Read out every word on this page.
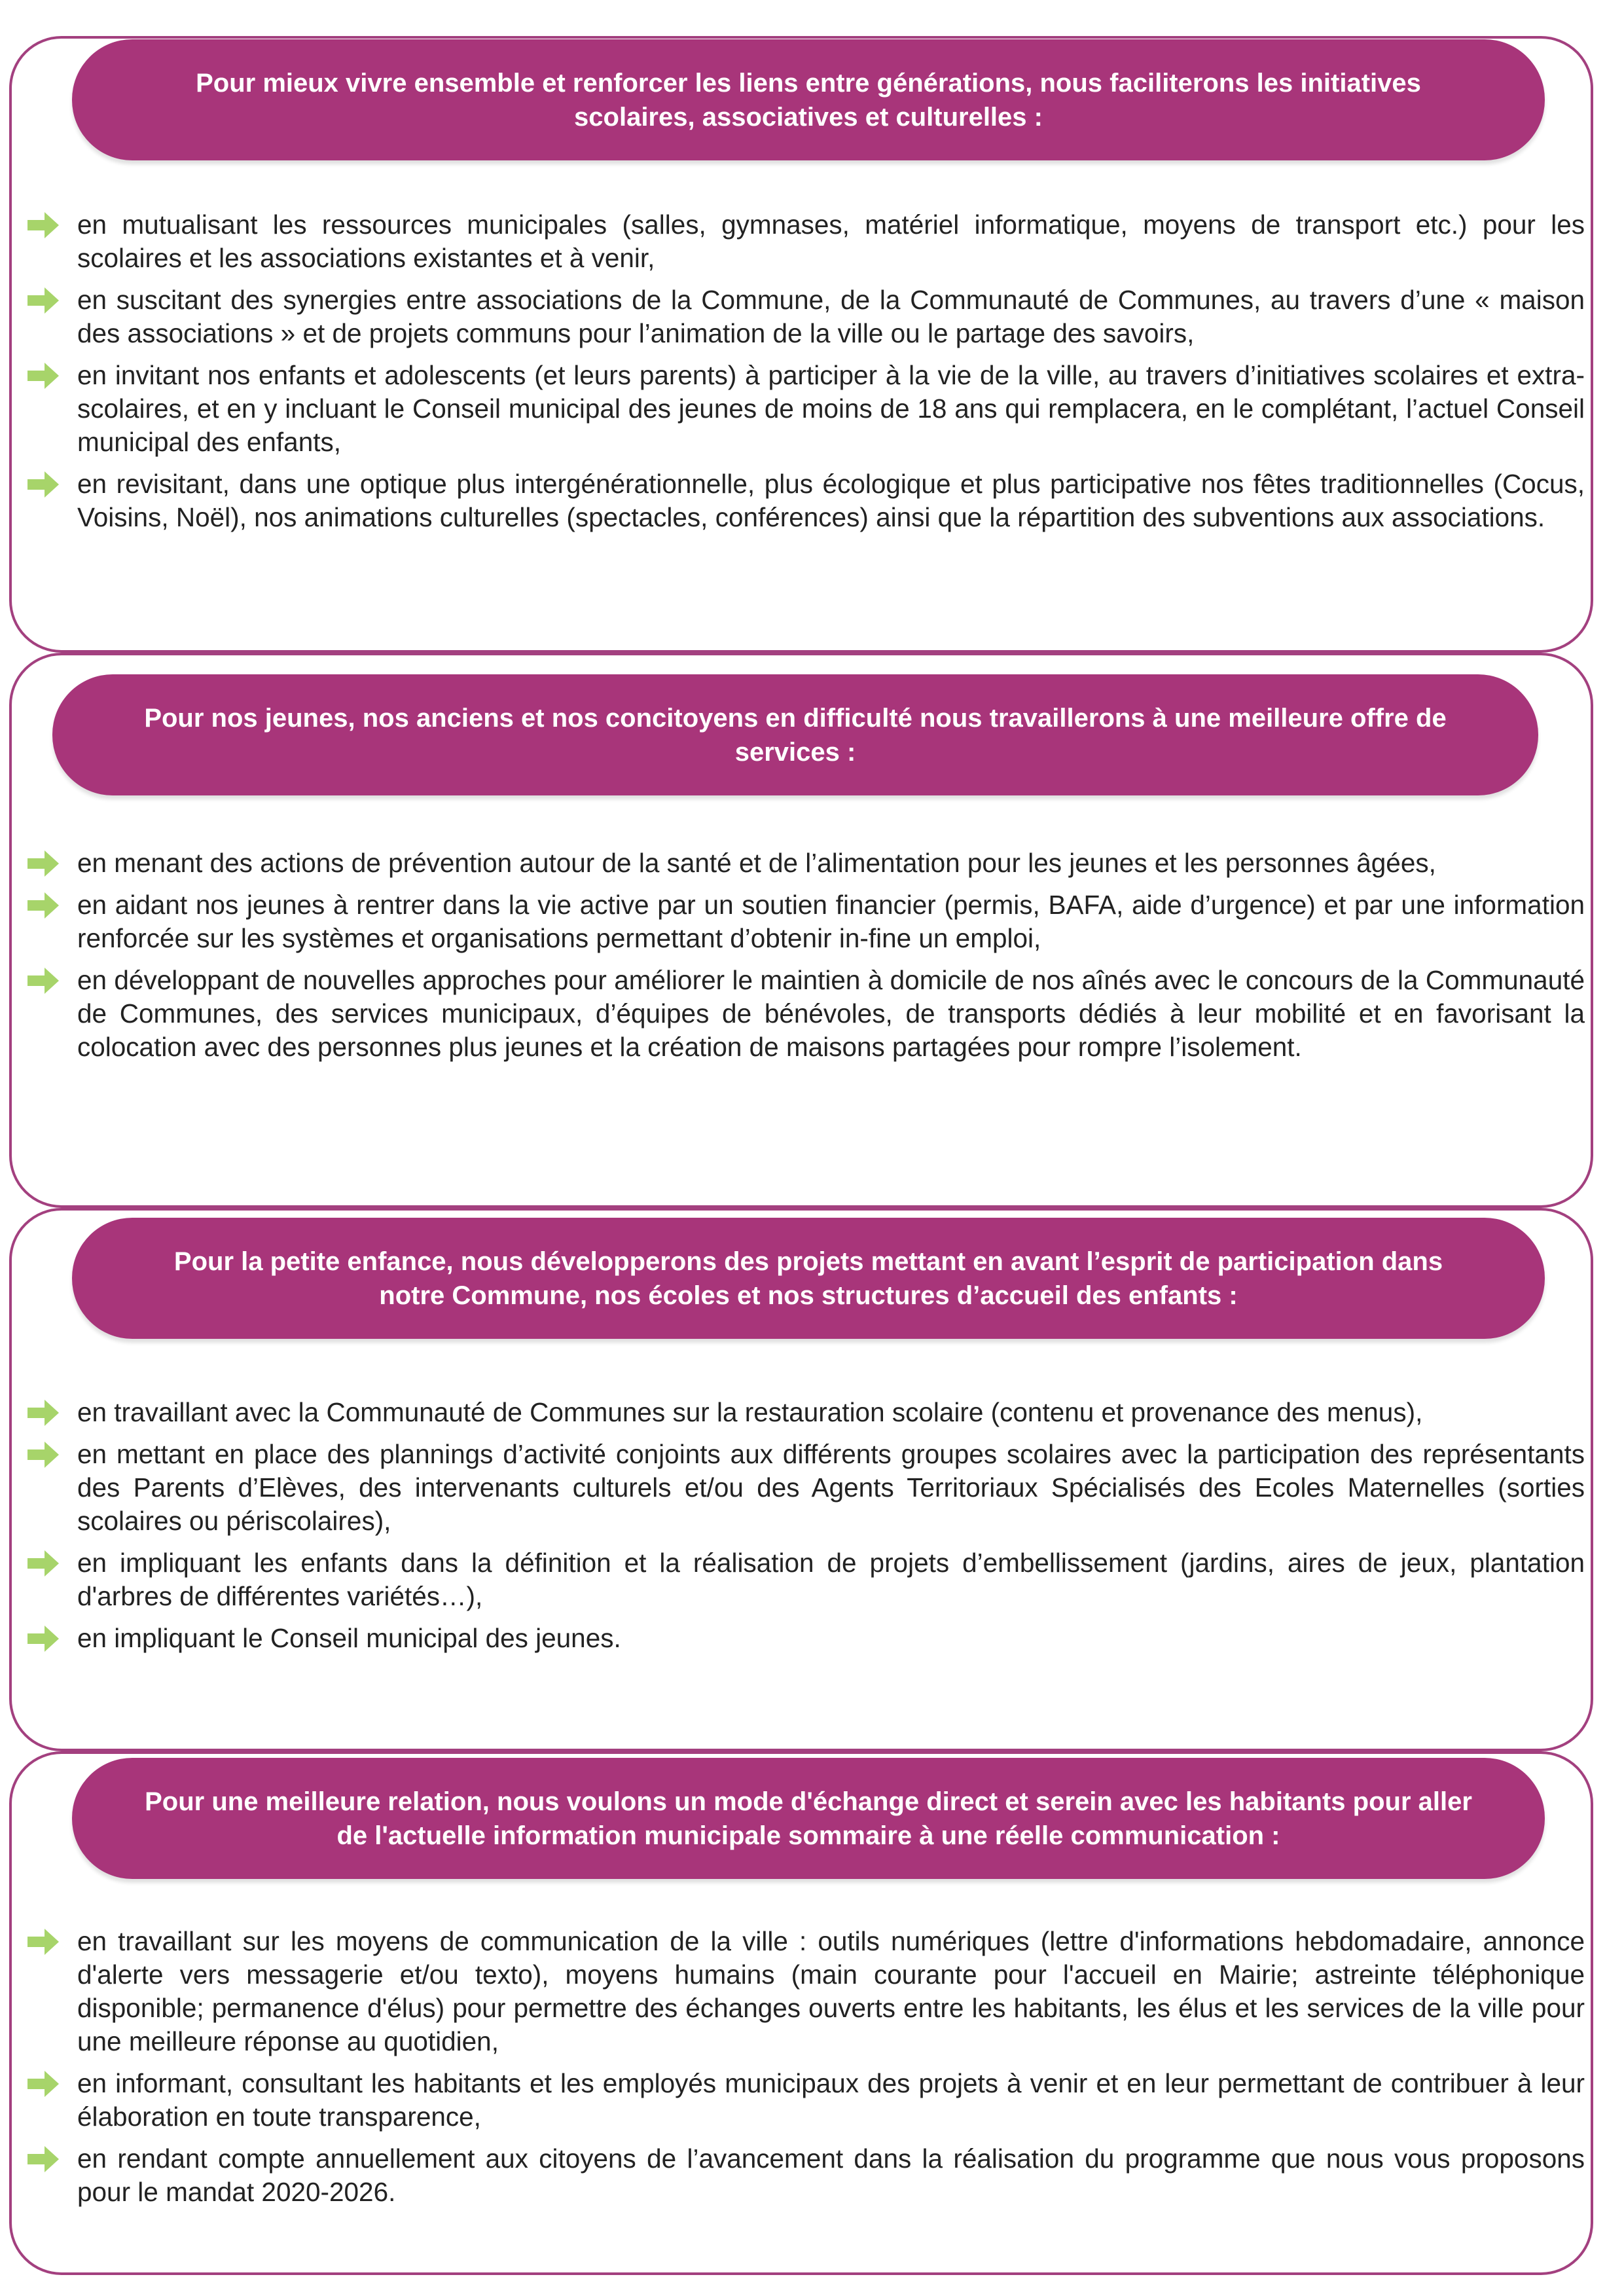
Pour mieux vivre ensemble et renforcer les liens entre générations, nous faciliterons les initiatives scolaires, associatives et culturelles :
en mutualisant les ressources municipales (salles, gymnases, matériel informatique, moyens de transport etc.) pour les scolaires et les associations existantes et à venir,
en suscitant des synergies entre associations de la Commune, de la Communauté de Communes, au travers d’une « maison des associations » et de projets communs pour l’animation de la ville ou le partage des savoirs,
en invitant nos enfants et adolescents (et leurs parents) à participer à la vie de la ville, au travers d’initiatives scolaires et extra-scolaires, et en y incluant le Conseil municipal des jeunes de moins de 18 ans qui remplacera, en le complétant, l’actuel Conseil municipal des enfants,
en revisitant, dans une optique plus intergénérationnelle, plus écologique et plus participative nos fêtes traditionnelles (Cocus, Voisins, Noël), nos animations culturelles (spectacles, conférences) ainsi que la répartition des subventions aux associations.
Pour nos jeunes, nos anciens et nos concitoyens en difficulté nous travaillerons à une meilleure offre de services :
en menant des actions de prévention autour de la santé et de l’alimentation pour les jeunes et les personnes âgées,
en aidant nos jeunes à rentrer dans la vie active par un soutien financier (permis, BAFA, aide d’urgence) et par une information renforcée sur les systèmes et organisations permettant d’obtenir in-fine un emploi,
en développant de nouvelles approches pour améliorer le maintien à domicile de nos aînés avec le concours de la Communauté de Communes, des services municipaux, d’équipes de bénévoles, de transports dédiés à leur mobilité et en favorisant la colocation avec des personnes plus jeunes et la création de maisons partagées pour rompre l’isolement.
Pour la petite enfance, nous développerons des projets mettant en avant l’esprit de participation dans notre Commune, nos écoles et nos structures d’accueil des enfants :
en travaillant avec la Communauté de Communes sur la restauration scolaire (contenu et provenance des menus),
en mettant en place des plannings d’activité conjoints aux différents groupes scolaires avec la participation des représentants des Parents d’Elèves, des intervenants culturels et/ou des Agents Territoriaux Spécialisés des Ecoles Maternelles (sorties scolaires ou périscolaires),
en impliquant les enfants dans la définition et la réalisation de projets d’embellissement (jardins, aires de jeux, plantation d'arbres de différentes variétés…),
en impliquant le Conseil municipal des jeunes.
Pour une meilleure relation, nous voulons un mode d'échange direct et serein avec les habitants pour aller de l'actuelle information municipale sommaire à une réelle communication :
en travaillant sur les moyens de communication de la ville : outils numériques (lettre d'informations hebdomadaire, annonce d'alerte vers messagerie et/ou texto), moyens humains (main courante pour l'accueil en Mairie; astreinte téléphonique disponible; permanence d'élus) pour permettre des échanges ouverts entre les habitants, les élus et les services de la ville pour une meilleure réponse au quotidien,
en informant, consultant les habitants et les employés municipaux des projets à venir et en leur permettant de contribuer à leur élaboration en toute transparence,
en rendant compte annuellement aux citoyens de l’avancement dans la réalisation du programme que nous vous proposons pour le mandat 2020-2026.
